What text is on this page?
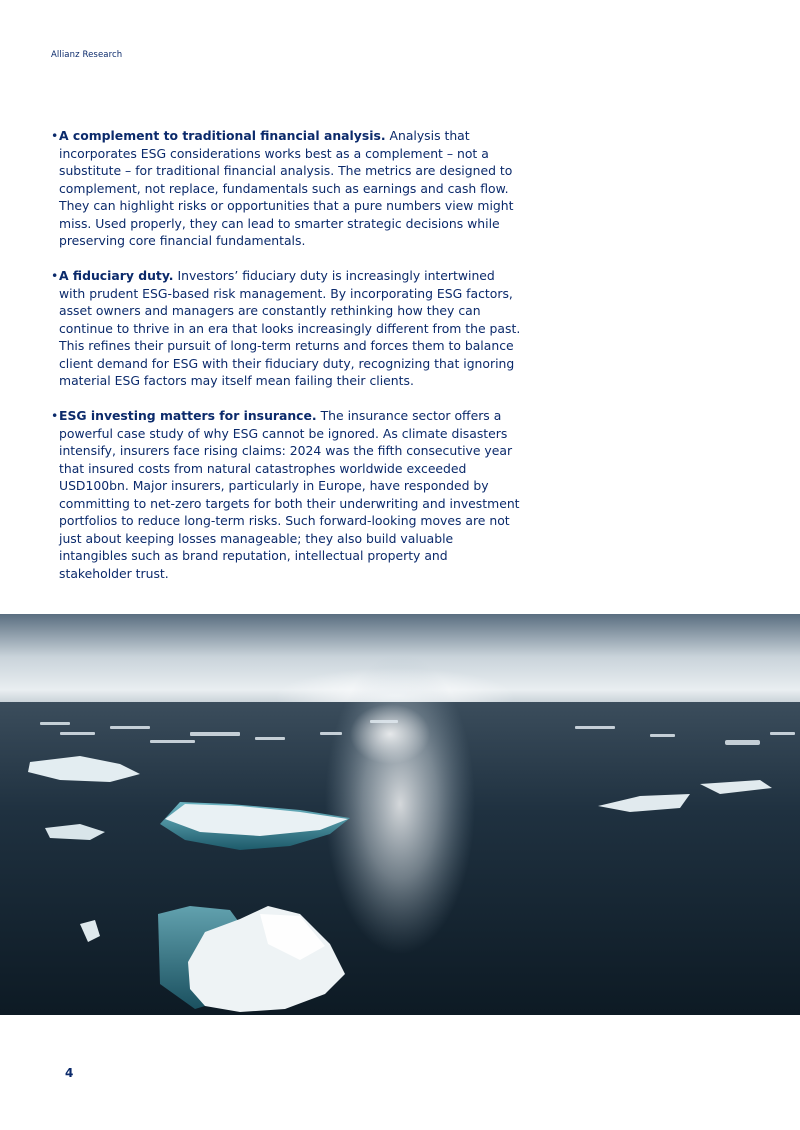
Allianz Research
• A complement to traditional financial analysis. Analysis that incorporates ESG considerations works best as a complement – not a substitute – for traditional financial analysis. The metrics are designed to complement, not replace, fundamentals such as earnings and cash flow. They can highlight risks or opportunities that a pure numbers view might miss. Used properly, they can lead to smarter strategic decisions while preserving core financial fundamentals.
• A fiduciary duty. Investors’ fiduciary duty is increasingly intertwined with prudent ESG-based risk management. By incorporating ESG factors, asset owners and managers are constantly rethinking how they can continue to thrive in an era that looks increasingly different from the past. This refines their pursuit of long-term returns and forces them to balance client demand for ESG with their fiduciary duty, recognizing that ignoring material ESG factors may itself mean failing their clients.
• ESG investing matters for insurance. The insurance sector offers a powerful case study of why ESG cannot be ignored. As climate disasters intensify, insurers face rising claims: 2024 was the fifth consecutive year that insured costs from natural catastrophes worldwide exceeded USD100bn. Major insurers, particularly in Europe, have responded by committing to net-zero targets for both their underwriting and investment portfolios to reduce long-term risks. Such forward-looking moves are not just about keeping losses manageable; they also build valuable intangibles such as brand reputation, intellectual property and stakeholder trust.
4
